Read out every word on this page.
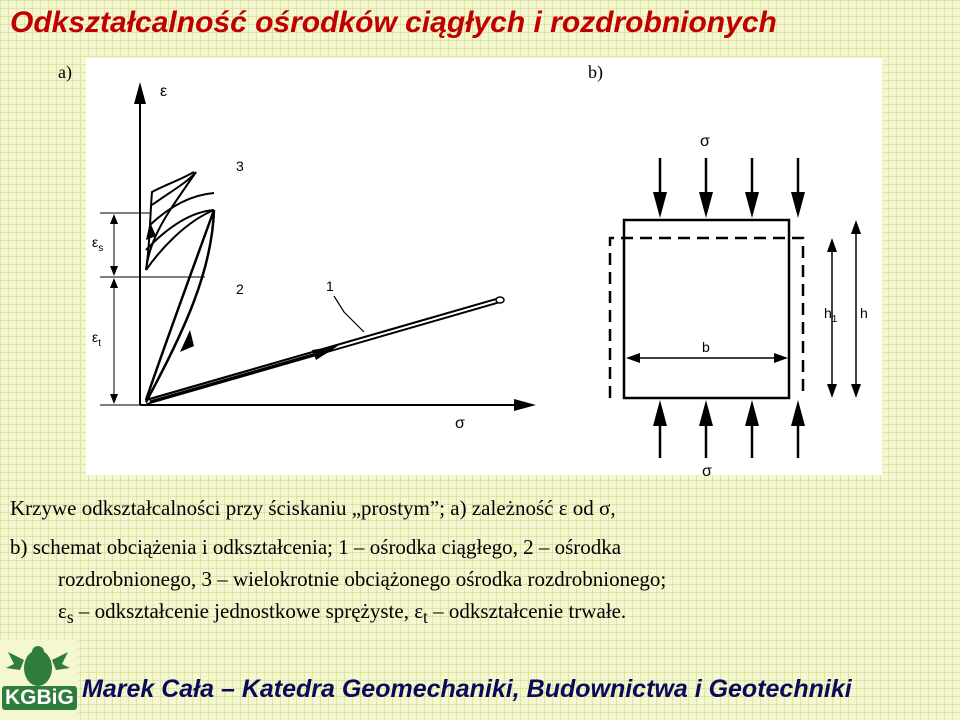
Odkształcalność ośrodków ciągłych i rozdrobnionych
ε
σ
$\varepsilon_s$
$\varepsilon_t$
3
2	1
σ
σ
b
$h_1$ h
a)	b)

Krzywe odkształcalności przy ściskaniu „prostym”; a) zależność ε od σ,

b) schemat obciążenia i odkształcenia; 1 – ośrodka ciągłego, 2 – ośrodka

rozdrobnionego, 3 – wielokrotnie obciążonego ośrodka rozdrobnionego;

$\varepsilon_s$ – odkształcenie jednostkowe sprężyste, $\varepsilon_t$ – odkształcenie trwałe.

KGBiG Marek Cała – Katedra Geomechaniki, Budownictwa i Geotechniki
